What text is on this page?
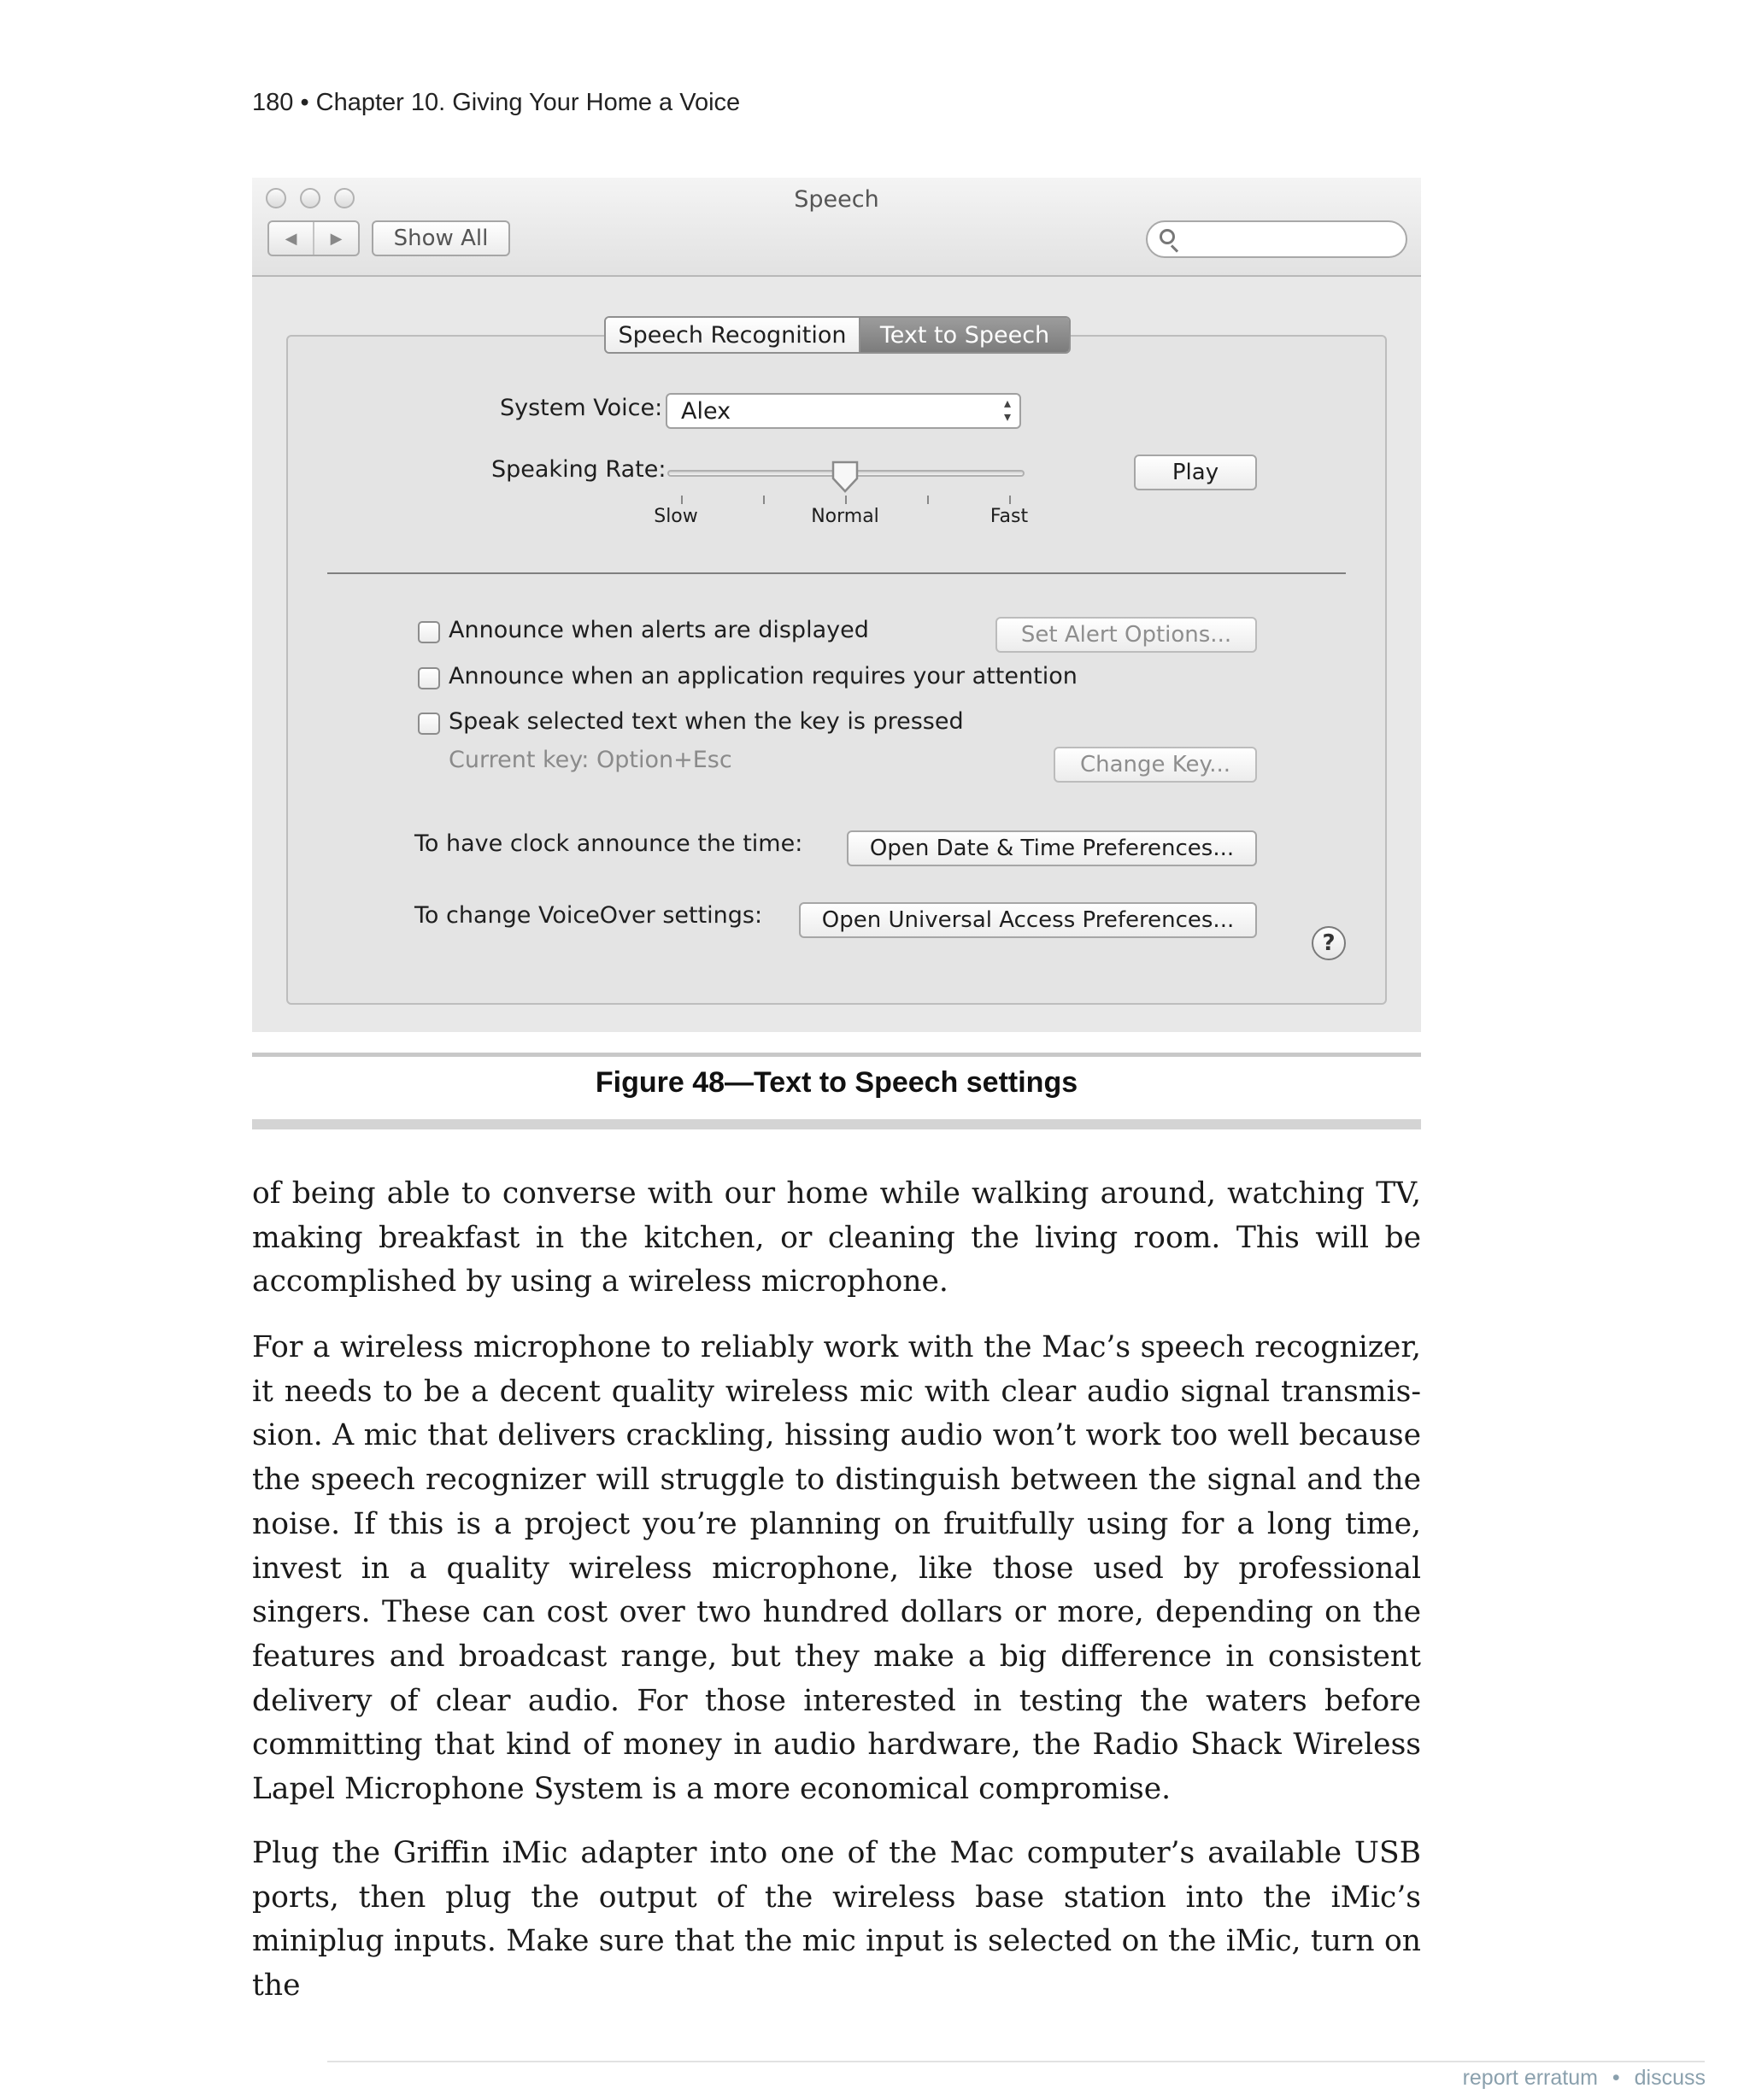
180 • Chapter 10. Giving Your Home a Voice
Speech
◀	▶	Show All
Speech Recognition	Text to Speech
System Voice: Alex	▴
▾
Speaking Rate:
Slow	Normal	Fast
Play
Announce when alerts are displayed	Set Alert Options...
Announce when an application requires your attention
Speak selected text when the key is pressed
Current key: Option+Esc	Change Key...
To have clock announce the time:	Open Date & Time Preferences...
To change VoiceOver settings:	Open Universal Access Preferences...
?
Figure 48—Text to Speech settings

of being able to converse with our home while walking around, watching TV, making breakfast in the kitchen, or cleaning the living room. This will be accomplished by using a wireless microphone.

For a wireless microphone to reliably work with the Mac’s speech recognizer, it needs to be a decent quality wireless mic with clear audio signal transmis- sion. A mic that delivers crackling, hissing audio won’t work too well because the speech recognizer will struggle to distinguish between the signal and the noise. If this is a project you’re planning on fruitfully using for a long time, invest in a quality wireless microphone, like those used by professional singers. These can cost over two hundred dollars or more, depending on the features and broadcast range, but they make a big difference in consistent delivery of clear audio. For those interested in testing the waters before committing that kind of money in audio hardware, the Radio Shack Wireless Lapel Microphone System is a more economical compromise.

Plug the Griffin iMic adapter into one of the Mac computer’s available USB ports, then plug the output of the wireless base station into the iMic’s miniplug inputs. Make sure that the mic input is selected on the iMic, turn on the

report erratum • discuss
